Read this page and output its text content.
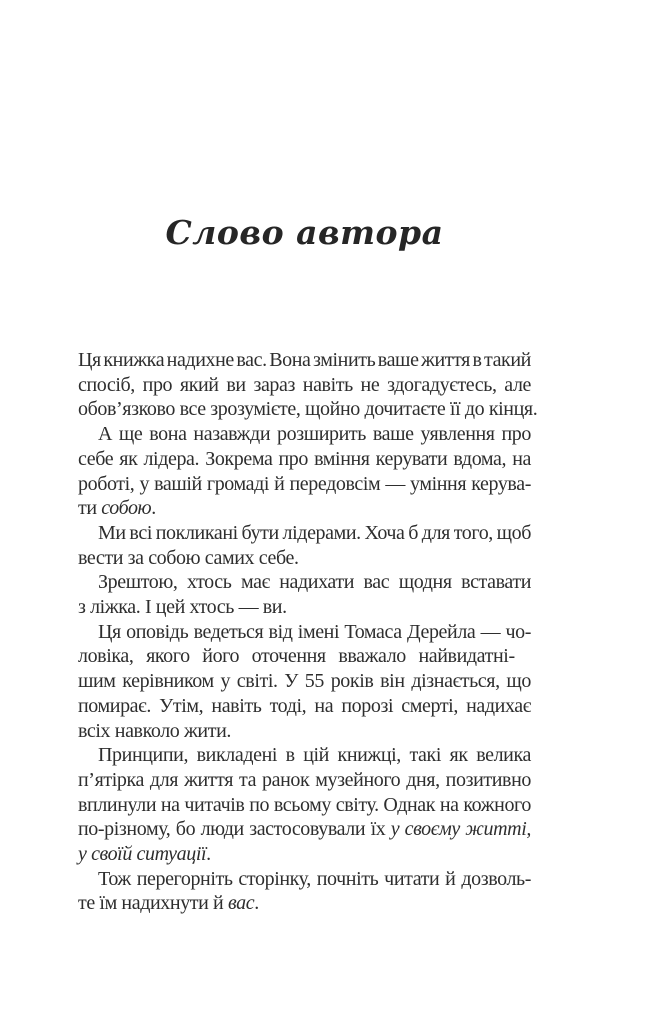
Слово автора

Ця книжка надихне вас. Вона змінить ваше життя в такий
спосіб, про який ви зараз навіть не здогадуєтесь, але
обов’язково все зрозумієте, щойно дочитаєте її до кінця.

А ще вона назавжди розширить ваше уявлення про
себе як лідера. Зокрема про вміння керувати вдома, на
роботі, у вашій громаді й передовсім — уміння керува-
ти собою.

Ми всі покликані бути лідерами. Хоча б для того, щоб
вести за собою самих себе.

Зрештою, хтось має надихати вас щодня вставати
з ліжка. І цей хтось — ви.

Ця оповідь ведеться від імені Томаса Дерейла — чо-
ловіка, якого його оточення вважало найвидатні-
шим керівником у світі. У 55 років він дізнається, що
помирає. Утім, навіть тоді, на порозі смерті, надихає
всіх навколо жити.

Принципи, викладені в цій книжці, такі як велика
п’ятірка для життя та ранок музейного дня, позитивно
вплинули на читачів по всьому світу. Однак на кожного
по-різному, бо люди застосовували їх у своєму житті,
у своїй ситуації.

Тож перегорніть сторінку, почніть читати й дозволь-
те їм надихнути й вас.
